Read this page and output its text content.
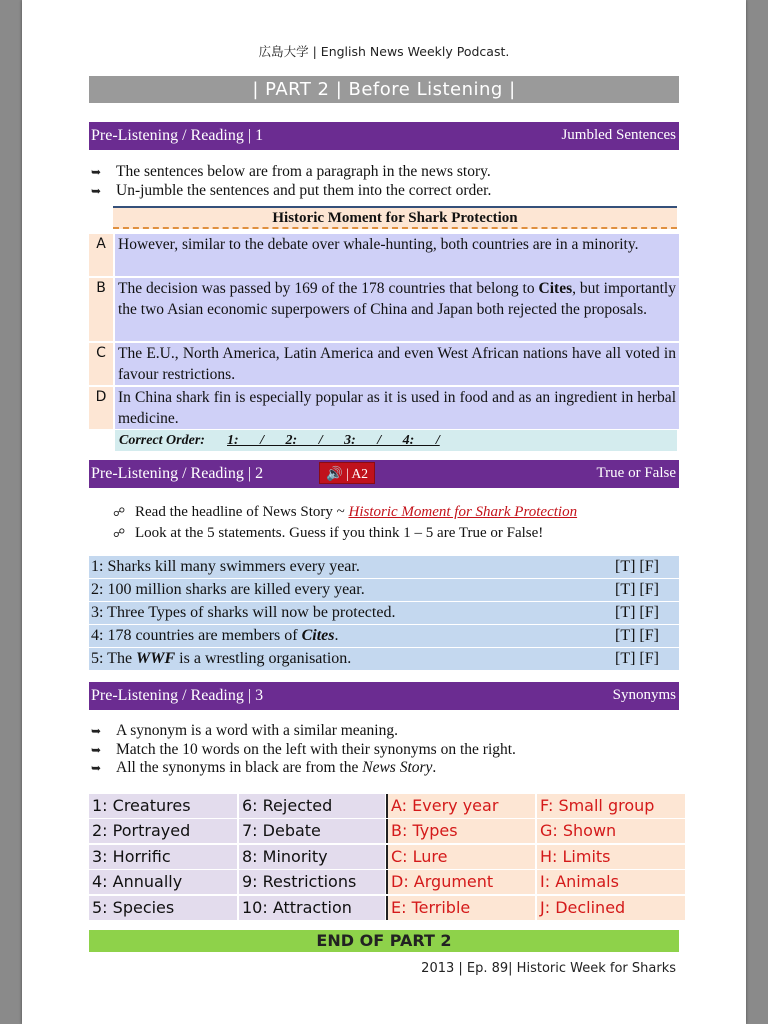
広島大学 | English News Weekly Podcast.
| PART 2 | Before Listening |
Pre-Listening / Reading | 1	Jumbled Sentences
➥ The sentences below are from a paragraph in the news story.
➥ Un-jumble the sentences and put them into the correct order.
Historic Moment for Shark Protection
A However, similar to the debate over whale-hunting, both countries are in a minority.
B The decision was passed by 169 of the 178 countries that belong to Cites, but importantly the two Asian economic superpowers of China and Japan both rejected the proposals.
C The E.U., North America, Latin America and even West African nations have all voted in favour restrictions.
D In China shark fin is especially popular as it is used in food and as an ingredient in herbal medicine.
Correct Order: 1: / 2: / 3: / 4: /
Pre-Listening / Reading | 2	🔊 | A2	True or False
☍ Read the headline of News Story ~ Historic Moment for Shark Protection
☍ Look at the 5 statements. Guess if you think 1 – 5 are True or False!
1: Sharks kill many swimmers every year.	[T] [F]
2: 100 million sharks are killed every year.	[T] [F]
3: Three Types of sharks will now be protected.	[T] [F]
4: 178 countries are members of Cites.	[T] [F]
5: The WWF is a wrestling organisation.	[T] [F]
Pre-Listening / Reading | 3	Synonyms
➥ A synonym is a word with a similar meaning.
➥ Match the 10 words on the left with their synonyms on the right.
➥ All the synonyms in black are from the News Story.
1: Creatures	6: Rejected	A: Every year	F: Small group
2: Portrayed	7: Debate	B: Types	G: Shown
3: Horrific	8: Minority	C: Lure	H: Limits
4: Annually	9: Restrictions	D: Argument	I: Animals
5: Species	10: Attraction	E: Terrible	J: Declined
END OF PART 2
2013 | Ep. 89| Historic Week for Sharks
